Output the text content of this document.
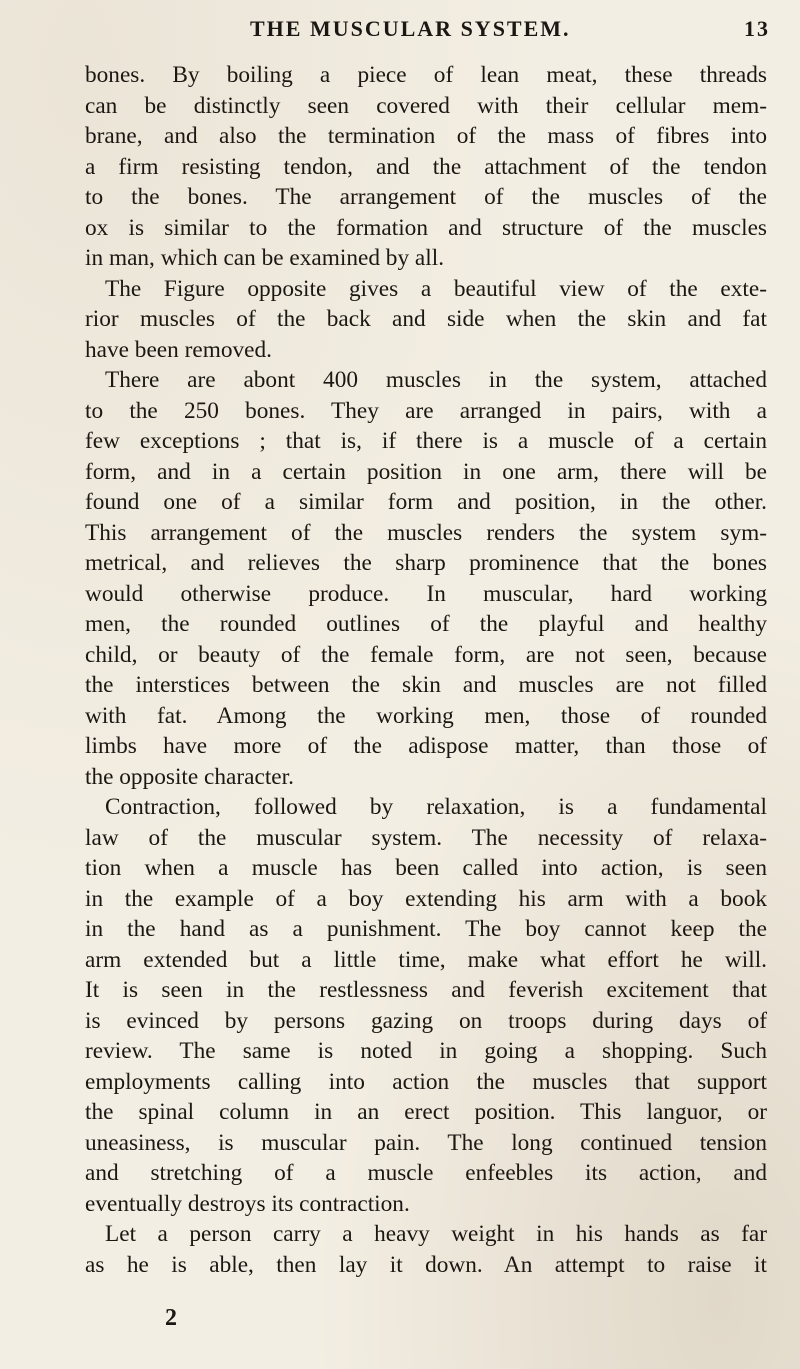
THE MUSCULAR SYSTEM.	13
bones. By boiling a piece of lean meat, these threads
can be distinctly seen covered with their cellular mem-
brane, and also the termination of the mass of fibres into
a firm resisting tendon, and the attachment of the tendon
to the bones. The arrangement of the muscles of the
ox is similar to the formation and structure of the muscles
in man, which can be examined by all.
The Figure opposite gives a beautiful view of the exte-
rior muscles of the back and side when the skin and fat
have been removed.
There are abont 400 muscles in the system, attached
to the 250 bones. They are arranged in pairs, with a
few exceptions ; that is, if there is a muscle of a certain
form, and in a certain position in one arm, there will be
found one of a similar form and position, in the other.
This arrangement of the muscles renders the system sym-
metrical, and relieves the sharp prominence that the bones
would otherwise produce. In muscular, hard working
men, the rounded outlines of the playful and healthy
child, or beauty of the female form, are not seen, because
the interstices between the skin and muscles are not filled
with fat. Among the working men, those of rounded
limbs have more of the adispose matter, than those of
the opposite character.
Contraction, followed by relaxation, is a fundamental
law of the muscular system. The necessity of relaxa-
tion when a muscle has been called into action, is seen
in the example of a boy extending his arm with a book
in the hand as a punishment. The boy cannot keep the
arm extended but a little time, make what effort he will.
It is seen in the restlessness and feverish excitement that
is evinced by persons gazing on troops during days of
review. The same is noted in going a shopping. Such
employments calling into action the muscles that support
the spinal column in an erect position. This languor, or
uneasiness, is muscular pain. The long continued tension
and stretching of a muscle enfeebles its action, and
eventually destroys its contraction.
Let a person carry a heavy weight in his hands as far
as he is able, then lay it down. An attempt to raise it
2
